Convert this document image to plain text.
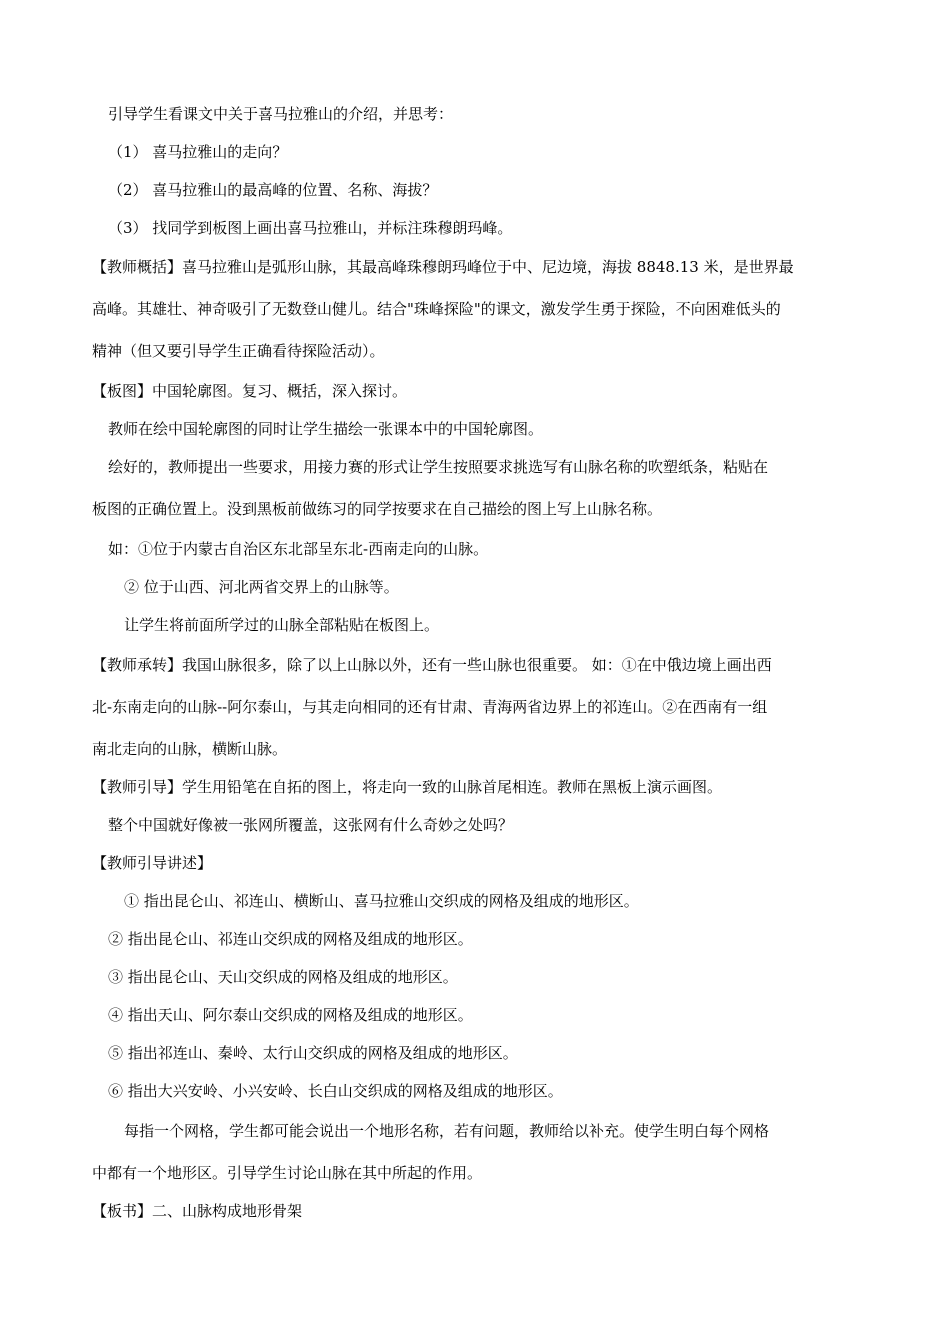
引导学生看课文中关于喜马拉雅山的介绍，并思考：
（1） 喜马拉雅山的走向？
（2） 喜马拉雅山的最高峰的位置、名称、海拔？
（3） 找同学到板图上画出喜马拉雅山，并标注珠穆朗玛峰。
【教师概括】喜马拉雅山是弧形山脉，其最高峰珠穆朗玛峰位于中、尼边境，海拔 8848.13 米，是世界最
高峰。其雄壮、神奇吸引了无数登山健儿。结合"珠峰探险"的课文，激发学生勇于探险，不向困难低头的
精神（但又要引导学生正确看待探险活动）。
【板图】中国轮廓图。复习、概括，深入探讨。
教师在绘中国轮廓图的同时让学生描绘一张课本中的中国轮廓图。
绘好的，教师提出一些要求，用接力赛的形式让学生按照要求挑选写有山脉名称的吹塑纸条，粘贴在
板图的正确位置上。没到黑板前做练习的同学按要求在自己描绘的图上写上山脉名称。
如：①位于内蒙古自治区东北部呈东北-西南走向的山脉。
② 位于山西、河北两省交界上的山脉等。
让学生将前面所学过的山脉全部粘贴在板图上。
【教师承转】我国山脉很多，除了以上山脉以外，还有一些山脉也很重要。 如：①在中俄边境上画出西
北-东南走向的山脉--阿尔泰山，与其走向相同的还有甘肃、青海两省边界上的祁连山。②在西南有一组
南北走向的山脉，横断山脉。
【教师引导】学生用铅笔在自拓的图上，将走向一致的山脉首尾相连。教师在黑板上演示画图。
整个中国就好像被一张网所覆盖，这张网有什么奇妙之处吗？
【教师引导讲述】
① 指出昆仑山、祁连山、横断山、喜马拉雅山交织成的网格及组成的地形区。
② 指出昆仑山、祁连山交织成的网格及组成的地形区。
③ 指出昆仑山、天山交织成的网格及组成的地形区。
④ 指出天山、阿尔泰山交织成的网格及组成的地形区。
⑤ 指出祁连山、秦岭、太行山交织成的网格及组成的地形区。
⑥ 指出大兴安岭、小兴安岭、长白山交织成的网格及组成的地形区。
每指一个网格，学生都可能会说出一个地形名称，若有问题，教师给以补充。使学生明白每个网格
中都有一个地形区。引导学生讨论山脉在其中所起的作用。
【板书】二、山脉构成地形骨架
